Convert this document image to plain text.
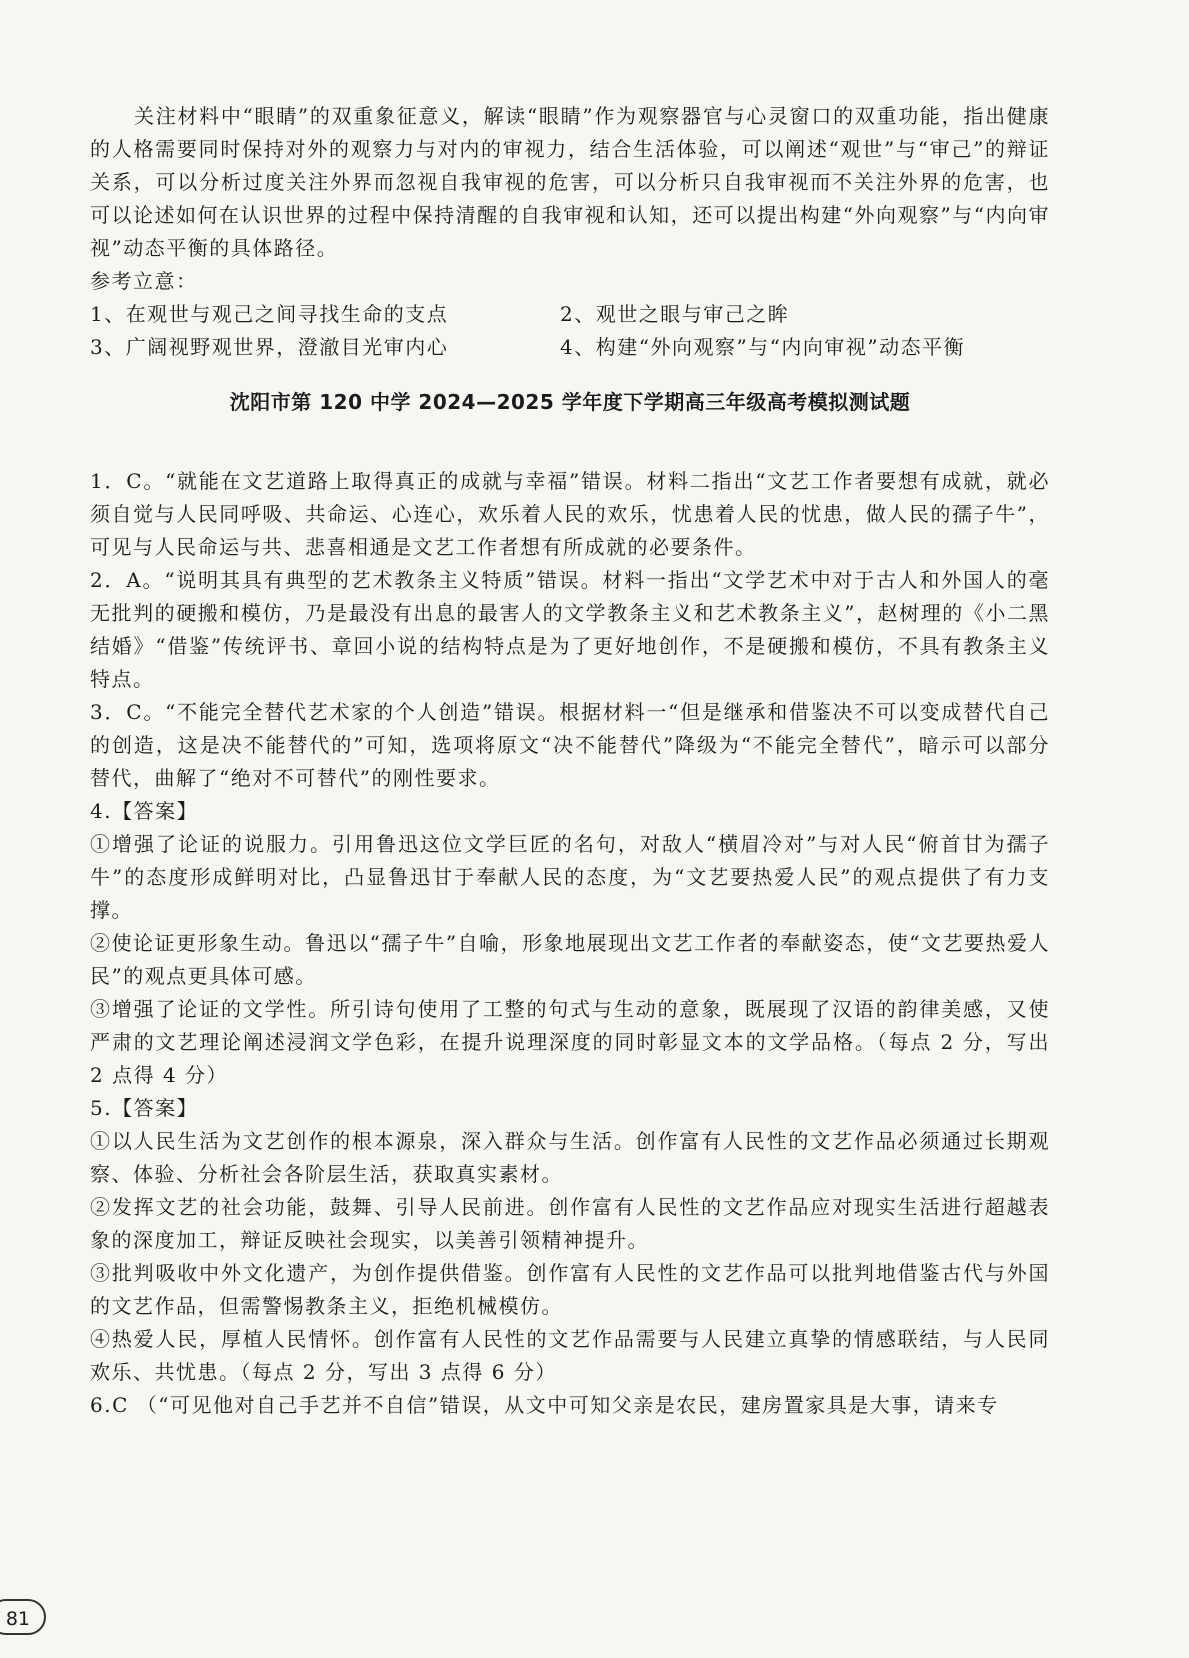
关注材料中“眼睛”的双重象征意义，解读“眼睛”作为观察器官与心灵窗口的双重功能，指出健康的人格需要同时保持对外的观察力与对内的审视力，结合生活体验，可以阐述“观世”与“审己”的辩证关系，可以分析过度关注外界而忽视自我审视的危害，可以分析只自我审视而不关注外界的危害，也可以论述如何在认识世界的过程中保持清醒的自我审视和认知，还可以提出构建“外向观察”与“内向审视”动态平衡的具体路径。

参考立意：

1、在观世与观己之间寻找生命的支点	2、观世之眼与审己之眸
3、广阔视野观世界，澄澈目光审内心	4、构建“外向观察”与“内向审视”动态平衡
沈阳市第 120 中学 2024—2025 学年度下学期高三年级高考模拟测试题

1．C。“就能在文艺道路上取得真正的成就与幸福”错误。材料二指出“文艺工作者要想有成就，就必须自觉与人民同呼吸、共命运、心连心，欢乐着人民的欢乐，忧患着人民的忧患，做人民的孺子牛”，可见与人民命运与共、悲喜相通是文艺工作者想有所成就的必要条件。

2．A。“说明其具有典型的艺术教条主义特质”错误。材料一指出“文学艺术中对于古人和外国人的毫无批判的硬搬和模仿，乃是最没有出息的最害人的文学教条主义和艺术教条主义”，赵树理的《小二黑结婚》“借鉴”传统评书、章回小说的结构特点是为了更好地创作，不是硬搬和模仿，不具有教条主义特点。

3．C。“不能完全替代艺术家的个人创造”错误。根据材料一“但是继承和借鉴决不可以变成替代自己的创造，这是决不能替代的”可知，选项将原文“决不能替代”降级为“不能完全替代”，暗示可以部分替代，曲解了“绝对不可替代”的刚性要求。

4.【答案】

①增强了论证的说服力。引用鲁迅这位文学巨匠的名句，对敌人“横眉冷对”与对人民“俯首甘为孺子牛”的态度形成鲜明对比，凸显鲁迅甘于奉献人民的态度，为“文艺要热爱人民”的观点提供了有力支撑。

②使论证更形象生动。鲁迅以“孺子牛”自喻，形象地展现出文艺工作者的奉献姿态，使“文艺要热爱人民”的观点更具体可感。

③增强了论证的文学性。所引诗句使用了工整的句式与生动的意象，既展现了汉语的韵律美感，又使严肃的文艺理论阐述浸润文学色彩，在提升说理深度的同时彰显文本的文学品格。（每点 2 分，写出 2 点得 4 分）

5.【答案】

①以人民生活为文艺创作的根本源泉，深入群众与生活。创作富有人民性的文艺作品必须通过长期观察、体验、分析社会各阶层生活，获取真实素材。

②发挥文艺的社会功能，鼓舞、引导人民前进。创作富有人民性的文艺作品应对现实生活进行超越表象的深度加工，辩证反映社会现实，以美善引领精神提升。

③批判吸收中外文化遗产，为创作提供借鉴。创作富有人民性的文艺作品可以批判地借鉴古代与外国的文艺作品，但需警惕教条主义，拒绝机械模仿。

④热爱人民，厚植人民情怀。创作富有人民性的文艺作品需要与人民建立真挚的情感联结，与人民同欢乐、共忧患。（每点 2 分，写出 3 点得 6 分）

6.C （“可见他对自己手艺并不自信”错误，从文中可知父亲是农民，建房置家具是大事，请来专

81
